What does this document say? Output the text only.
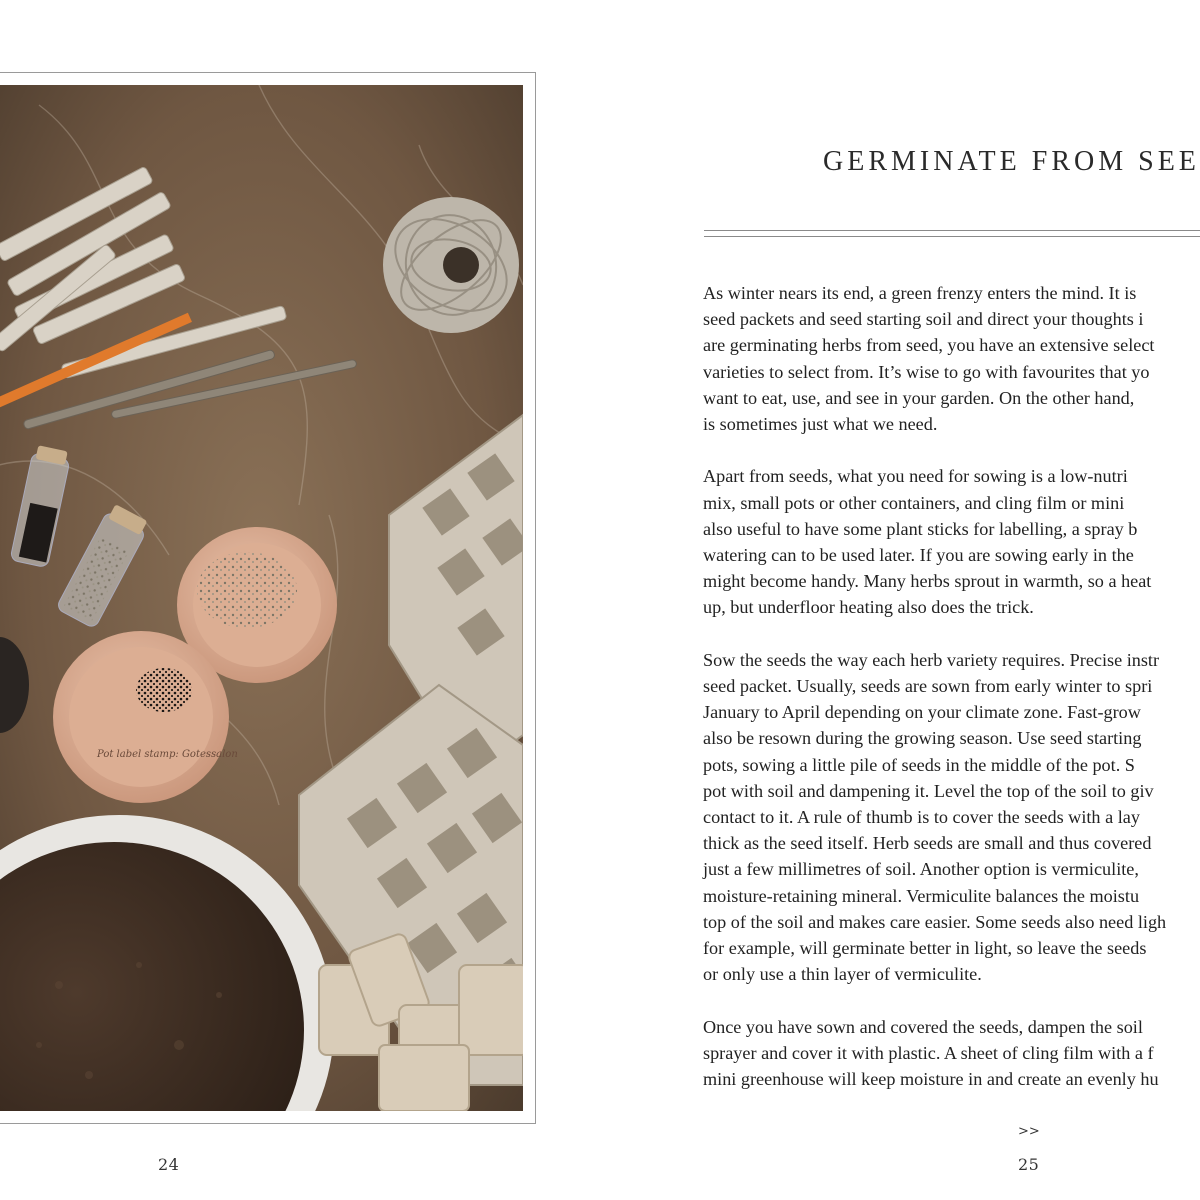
Pot label stamp: Gotessalon
24
GERMINATE FROM SEE
As winter nears its end, a green frenzy enters the mind. It is
seed packets and seed starting soil and direct your thoughts i
are germinating herbs from seed, you have an extensive select
varieties to select from. It’s wise to go with favourites that yo
want to eat, use, and see in your garden. On the other hand,
is sometimes just what we need.
Apart from seeds, what you need for sowing is a low-nutri
mix, small pots or other containers, and cling film or mini
also useful to have some plant sticks for labelling, a spray b
watering can to be used later. If you are sowing early in the
might become handy. Many herbs sprout in warmth, so a heat
up, but underfloor heating also does the trick.
Sow the seeds the way each herb variety requires. Precise instr
seed packet. Usually, seeds are sown from early winter to spri
January to April depending on your climate zone. Fast-grow
also be resown during the growing season. Use seed starting
pots, sowing a little pile of seeds in the middle of the pot. S
pot with soil and dampening it. Level the top of the soil to giv
contact to it. A rule of thumb is to cover the seeds with a lay
thick as the seed itself. Herb seeds are small and thus covered
just a few millimetres of soil. Another option is vermiculite,
moisture-retaining mineral. Vermiculite balances the moistu
top of the soil and makes care easier. Some seeds also need ligh
for example, will germinate better in light, so leave the seeds
or only use a thin layer of vermiculite.
Once you have sown and covered the seeds, dampen the soil
sprayer and cover it with plastic. A sheet of cling film with a f
mini greenhouse will keep moisture in and create an evenly hu
>>
25
